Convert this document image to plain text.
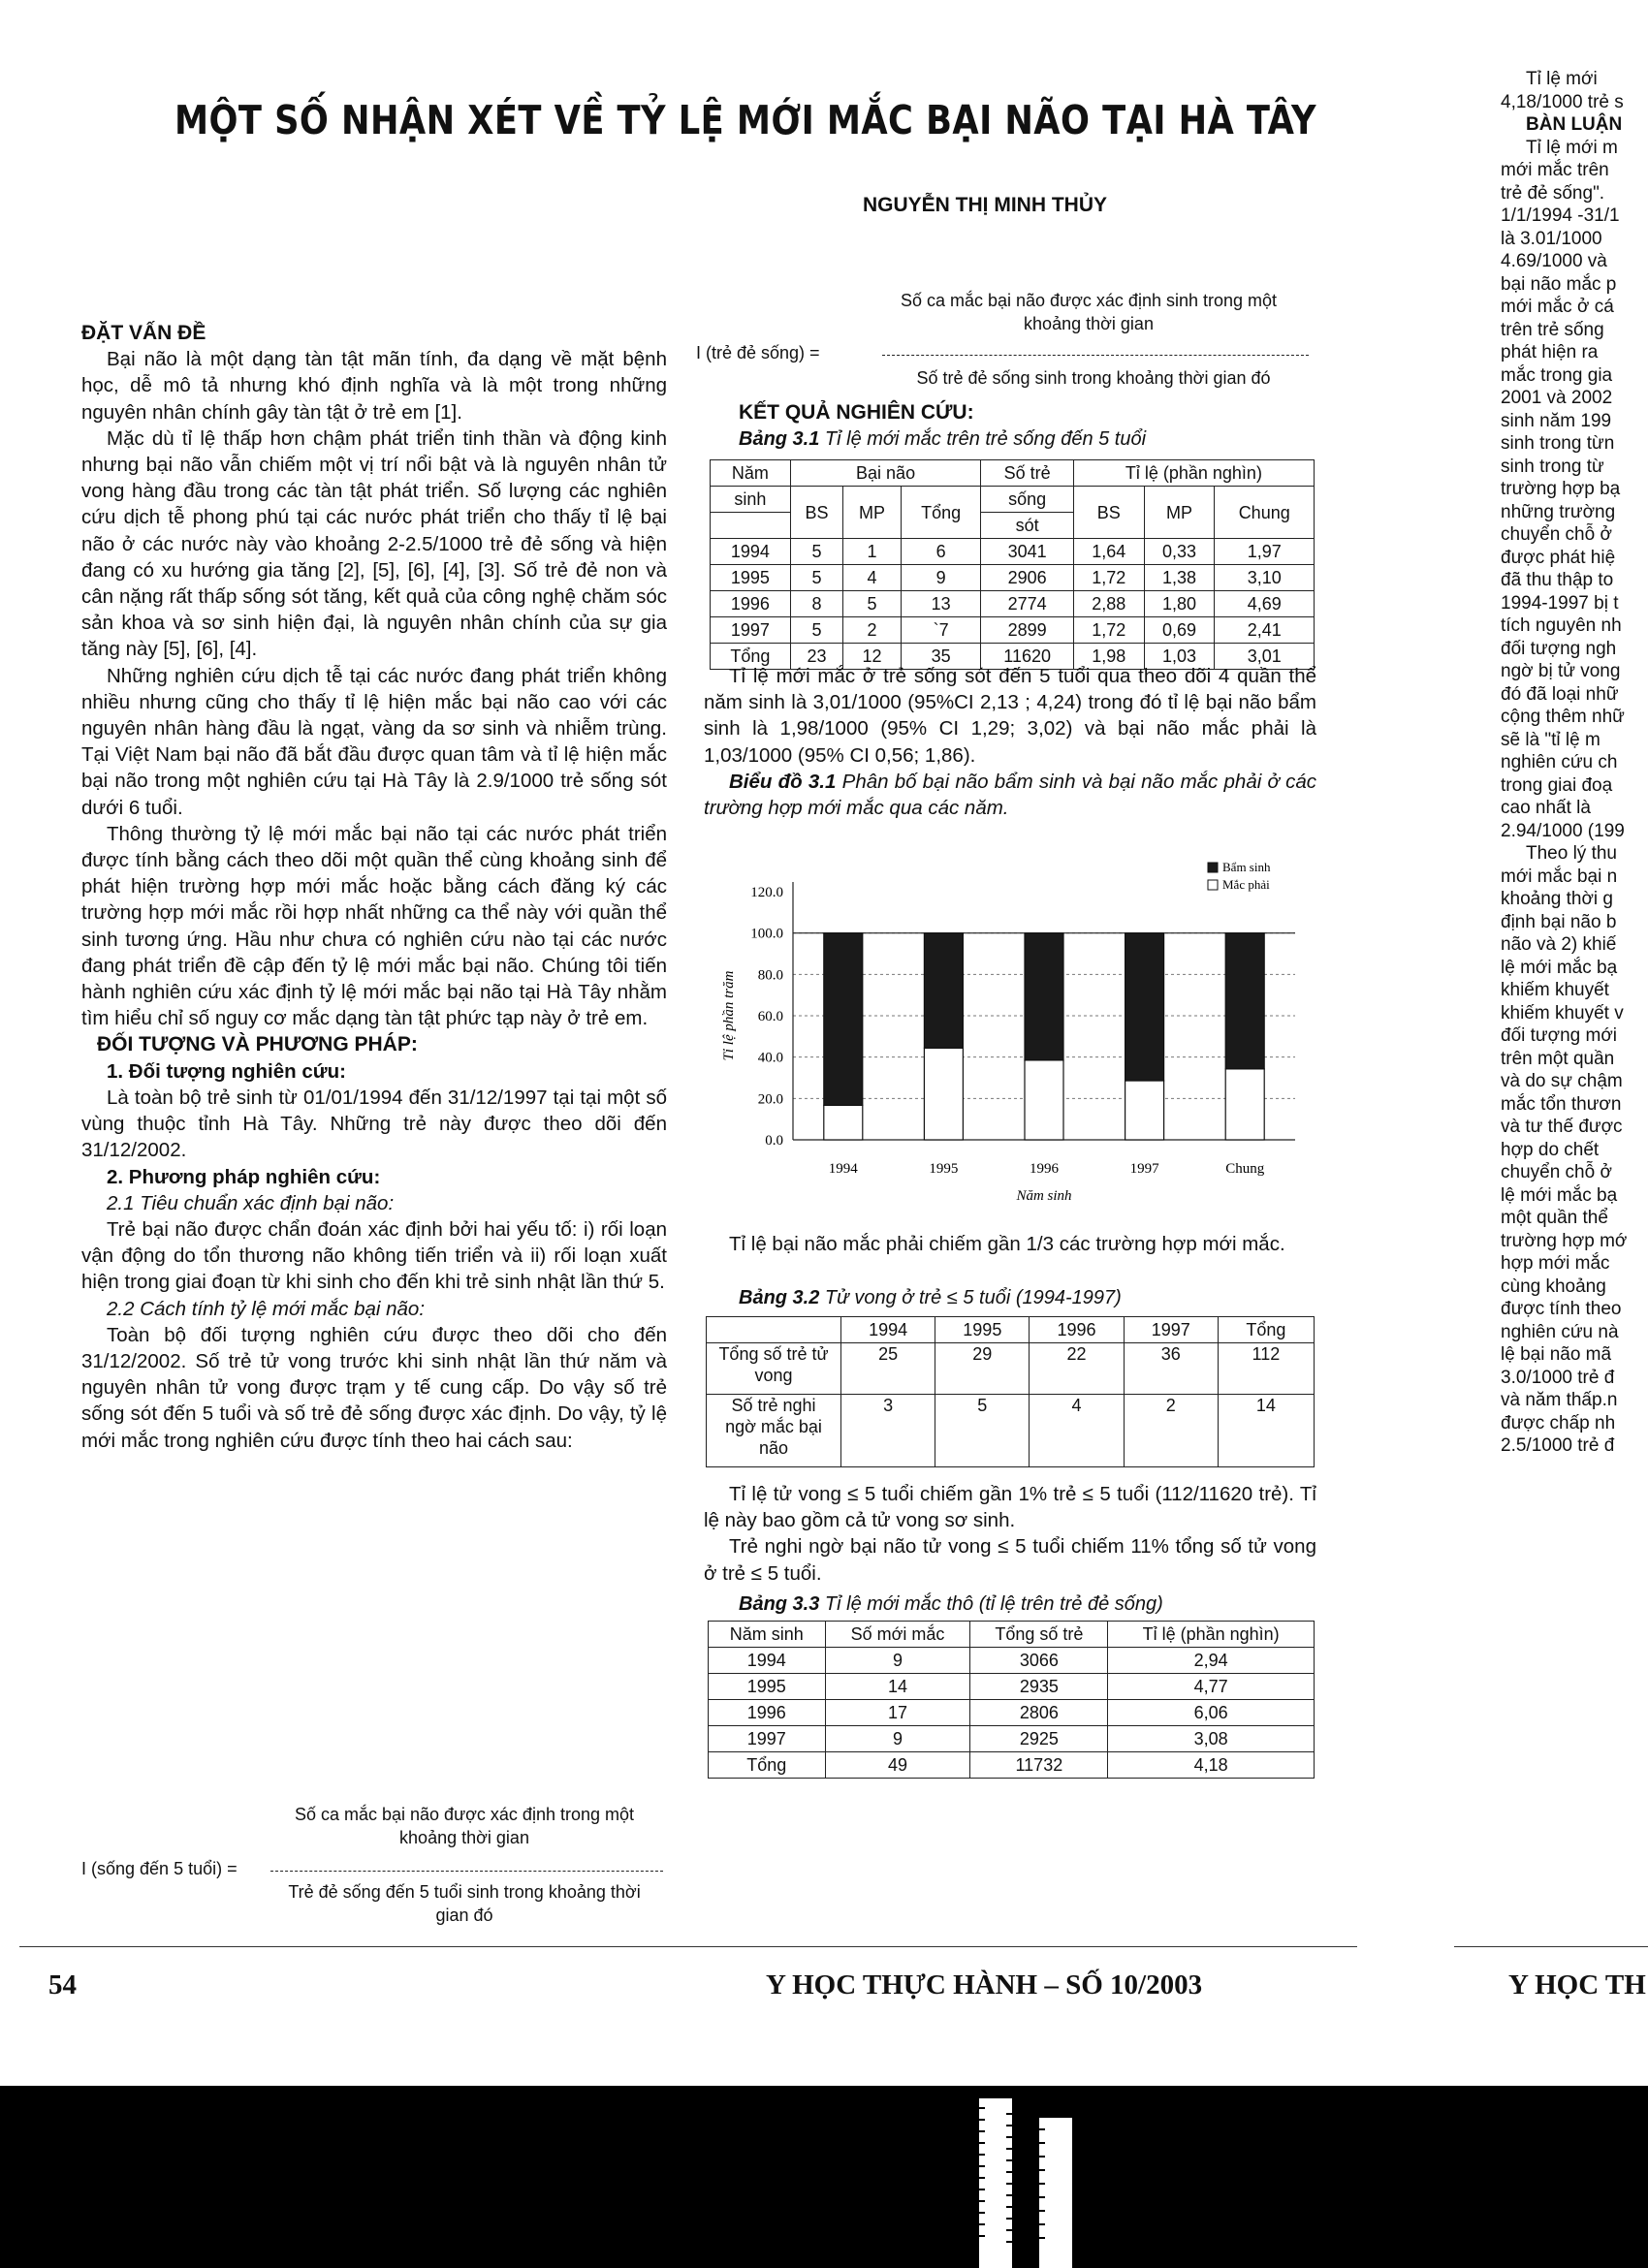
MỘT SỐ NHẬN XÉT VỀ TỶ LỆ MỚI MẮC BẠI NÃO TẠI HÀ TÂY
NGUYỄN THỊ MINH THỦY

ĐẶT VẤN ĐỀ

Bại não là một dạng tàn tật mãn tính, đa dạng về mặt bệnh học, dễ mô tả nhưng khó định nghĩa và là một trong những nguyên nhân chính gây tàn tật ở trẻ em [1].

Mặc dù tỉ lệ thấp hơn chậm phát triển tinh thần và động kinh nhưng bại não vẫn chiếm một vị trí nổi bật và là nguyên nhân tử vong hàng đầu trong các tàn tật phát triển. Số lượng các nghiên cứu dịch tễ phong phú tại các nước phát triển cho thấy tỉ lệ bại não ở các nước này vào khoảng 2-2.5/1000 trẻ đẻ sống và hiện đang có xu hướng gia tăng [2], [5], [6], [4], [3]. Số trẻ đẻ non và cân nặng rất thấp sống sót tăng, kết quả của công nghệ chăm sóc sản khoa và sơ sinh hiện đại, là nguyên nhân chính của sự gia tăng này [5], [6], [4].

Những nghiên cứu dịch tễ tại các nước đang phát triển không nhiều nhưng cũng cho thấy tỉ lệ hiện mắc bại não cao với các nguyên nhân hàng đầu là ngạt, vàng da sơ sinh và nhiễm trùng. Tại Việt Nam bại não đã bắt đầu được quan tâm và tỉ lệ hiện mắc bại não trong một nghiên cứu tại Hà Tây là 2.9/1000 trẻ sống sót dưới 6 tuổi.

Thông thường tỷ lệ mới mắc bại não tại các nước phát triển được tính bằng cách theo dõi một quần thể cùng khoảng sinh để phát hiện trường hợp mới mắc hoặc bằng cách đăng ký các trường hợp mới mắc rồi hợp nhất những ca thể này với quần thể sinh tương ứng. Hầu như chưa có nghiên cứu nào tại các nước đang phát triển đề cập đến tỷ lệ mới mắc bại não. Chúng tôi tiến hành nghiên cứu xác định tỷ lệ mới mắc bại não tại Hà Tây nhằm tìm hiểu chỉ số nguy cơ mắc dạng tàn tật phức tạp này ở trẻ em.

ĐỐI TƯỢNG VÀ PHƯƠNG PHÁP:

1. Đối tượng nghiên cứu:

Là toàn bộ trẻ sinh từ 01/01/1994 đến 31/12/1997 tại tại một số vùng thuộc tỉnh Hà Tây. Những trẻ này được theo dõi đến 31/12/2002.

2. Phương pháp nghiên cứu:

2.1 Tiêu chuẩn xác định bại não:

Trẻ bại não được chẩn đoán xác định bởi hai yếu tố: i) rối loạn vận động do tổn thương não không tiến triển và ii) rối loạn xuất hiện trong giai đoạn từ khi sinh cho đến khi trẻ sinh nhật lần thứ 5.

2.2 Cách tính tỷ lệ mới mắc bại não:

Toàn bộ đối tượng nghiên cứu được theo dõi cho đến 31/12/2002. Số trẻ tử vong trước khi sinh nhật lần thứ năm và nguyên nhân tử vong được trạm y tế cung cấp. Do vậy số trẻ sống sót đến 5 tuổi và số trẻ đẻ sống được xác định. Do vậy, tỷ lệ mới mắc trong nghiên cứu được tính theo hai cách sau:

Số ca mắc bại não được xác định trong một khoảng thời gian
I (sống đến 5 tuổi) =
Trẻ đẻ sống đến 5 tuổi sinh trong khoảng thời gian đó
Số ca mắc bại não được xác định sinh trong một khoảng thời gian
I (trẻ đẻ sống) =
Số trẻ đẻ sống sinh trong khoảng thời gian đó
KẾT QUẢ NGHIÊN CỨU:
Bảng 3.1 Tỉ lệ mới mắc trên trẻ sống đến 5 tuổi
Năm	Bại não			Số trẻ	Tỉ lệ (phần nghìn)		
sinh	BS	MP	Tổng	sống	BS	MP	Chung
				sót			
1994	5	1	6	3041	1,64	0,33	1,97
1995	5	4	9	2906	1,72	1,38	3,10
1996	8	5	13	2774	2,88	1,80	4,69
1997	5	2	`7	2899	1,72	0,69	2,41
Tổng	23	12	35	11620	1,98	1,03	3,01

Tỉ lệ mới mắc ở trẻ sống sót đến 5 tuổi qua theo dõi 4 quần thể năm sinh là 3,01/1000 (95%CI 2,13 ; 4,24) trong đó tỉ lệ bại não bẩm sinh là 1,98/1000 (95% CI 1,29; 3,02) và bại não mắc phải là 1,03/1000 (95% CI 0,56; 1,86).

Biểu đồ 3.1 Phân bố bại não bẩm sinh và bại não mắc phải ở các trường hợp mới mắc qua các năm.

120.0
100.0
80.0
60.0
40.0
20.0
0.0
1994	1995	1996	1997	Chung
Năm sinh
Tỉ lệ phần trăm
Bẩm sinh
Mắc phải

Tỉ lệ bại não mắc phải chiếm gần 1/3 các trường hợp mới mắc.

Bảng 3.2 Tử vong ở trẻ ≤ 5 tuổi (1994-1997)
	1994	1995	1996	1997	Tổng
Tổng số trẻ tử
vong	25	29	22	36	112
Số trẻ nghi
ngờ mắc bại
não	3	5	4	2	14

Tỉ lệ tử vong ≤ 5 tuổi chiếm gần 1% trẻ ≤ 5 tuổi (112/11620 trẻ). Tỉ lệ này bao gồm cả tử vong sơ sinh.

Trẻ nghi ngờ bại não tử vong ≤ 5 tuổi chiếm 11% tổng số tử vong ở trẻ ≤ 5 tuổi.

Bảng 3.3 Tỉ lệ mới mắc thô (tỉ lệ trên trẻ đẻ sống)
Năm sinh	Số mới mắc	Tổng số trẻ	Tỉ lệ (phần nghìn)
1994	9	3066	2,94
1995	14	2935	4,77
1996	17	2806	6,06
1997	9	2925	3,08
Tổng	49	11732	4,18
Tỉ lệ mới
4,18/1000 trẻ s
BÀN LUẬN
Tỉ lệ mới m
mới mắc trên
trẻ đẻ sống".
1/1/1994 -31/1
là 3.01/1000
4.69/1000 và
bại não mắc p
mới mắc ở cá
trên trẻ sống
phát hiện ra
mắc trong gia
2001 và 2002
sinh năm 199
sinh trong từn
sinh trong từ
trường hợp bạ
những trường
chuyển chỗ ở
được phát hiệ
đã thu thập to
1994-1997 bị t
tích nguyên nh
đối tượng ngh
ngờ bị tử vong
đó đã loại nhữ
cộng thêm nhữ
sẽ là "tỉ lệ m
nghiên cứu ch
trong giai đoạ
cao nhất là
2.94/1000 (199
Theo lý thu
mới mắc bại n
khoảng thời g
định bại não b
não và 2) khiế
lệ mới mắc bạ
khiếm khuyết
khiếm khuyết v
đối tượng mới
trên một quần
và do sự chậm
mắc tổn thươn
và tư thế được
hợp do chết
chuyển chỗ ở
lệ mới mắc bạ
một quần thể
trường hợp mớ
hợp mới mắc
cùng khoảng
được tính theo
nghiên cứu nà
lệ bại não mã
3.0/1000 trẻ đ
và năm thấp.n
được chấp nh
2.5/1000 trẻ đ
54	Y HỌC THỰC HÀNH – SỐ 10/2003	Y HỌC TH
